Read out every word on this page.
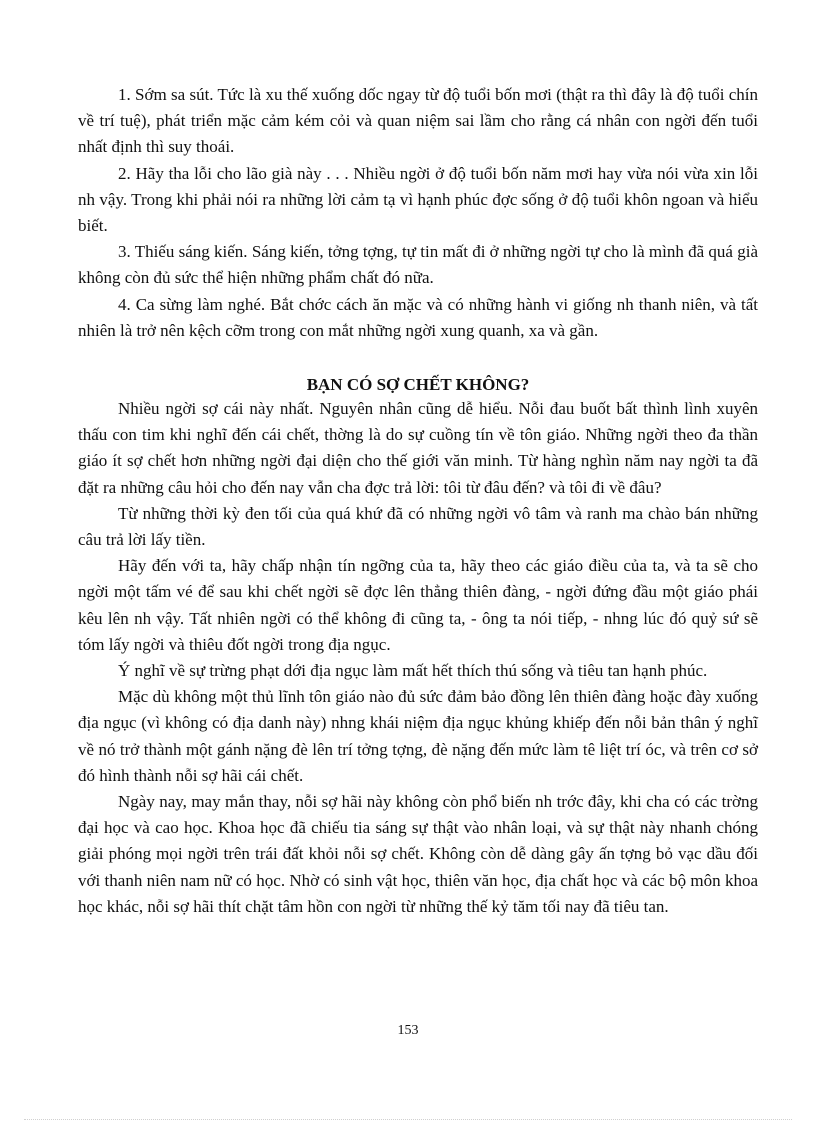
1. Sớm sa sút. Tức là xu thế xuống dốc ngay từ độ tuổi bốn mơi (thật ra thì đây là độ tuổi chín về trí tuệ), phát triển mặc cảm kém cỏi và quan niệm sai lầm cho rằng cá nhân con ngời đến tuổi nhất định thì suy thoái.

2. Hãy tha lỗi cho lão già này . . . Nhiều ngời ở độ tuổi bốn năm mơi hay vừa nói vừa xin lỗi nh vậy. Trong khi phải nói ra những lời cảm tạ vì hạnh phúc đợc sống ở độ tuổi khôn ngoan và hiểu biết.

3. Thiếu sáng kiến. Sáng kiến, tởng tợng, tự tin mất đi ở những ngời tự cho là mình đã quá già không còn đủ sức thể hiện những phẩm chất đó nữa.

4. Ca sừng làm nghé. Bắt chớc cách ăn mặc và có những hành vi giống nh thanh niên, và tất nhiên là trở nên kệch cỡm trong con mắt những ngời xung quanh, xa và gần.

BẠN CÓ SỢ CHẾT KHÔNG?

Nhiều ngời sợ cái này nhất. Nguyên nhân cũng dễ hiểu. Nỗi đau buốt bất thình lình xuyên thấu con tim khi nghĩ đến cái chết, thờng là do sự cuồng tín về tôn giáo. Những ngời theo đa thần giáo ít sợ chết hơn những ngời đại diện cho thế giới văn minh. Từ hàng nghìn năm nay ngời ta đã đặt ra những câu hỏi cho đến nay vẫn cha đợc trả lời: tôi từ đâu đến? và tôi đi về đâu?

Từ những thời kỳ đen tối của quá khứ đã có những ngời vô tâm và ranh ma chào bán những câu trả lời lấy tiền.

Hãy đến với ta, hãy chấp nhận tín ngỡng của ta, hãy theo các giáo điều của ta, và ta sẽ cho ngời một tấm vé để sau khi chết ngời sẽ đợc lên thẳng thiên đàng, - ngời đứng đầu một giáo phái kêu lên nh vậy. Tất nhiên ngời có thể không đi cũng ta, - ông ta nói tiếp, - nhng lúc đó quỷ sứ sẽ tóm lấy ngời và thiêu đốt ngời trong địa ngục.

Ý nghĩ về sự trừng phạt dới địa ngục làm mất hết thích thú sống và tiêu tan hạnh phúc.

Mặc dù không một thủ lĩnh tôn giáo nào đủ sức đảm bảo đồng lên thiên đàng hoặc đày xuống địa ngục (vì không có địa danh này) nhng khái niệm địa ngục khủng khiếp đến nỗi bản thân ý nghĩ về nó trở thành một gánh nặng đè lên trí tởng tợng, đè nặng đến mức làm tê liệt trí óc, và trên cơ sở đó hình thành nỗi sợ hãi cái chết.

Ngày nay, may mắn thay, nỗi sợ hãi này không còn phổ biến nh trớc đây, khi cha có các trờng đại học và cao học. Khoa học đã chiếu tia sáng sự thật vào nhân loại, và sự thật này nhanh chóng giải phóng mọi ngời trên trái đất khỏi nỗi sợ chết. Không còn dễ dàng gây ấn tợng bỏ vạc dầu đối với thanh niên nam nữ có học. Nhờ có sinh vật học, thiên văn học, địa chất học và các bộ môn khoa học khác, nỗi sợ hãi thít chặt tâm hồn con ngời từ những thế kỷ tăm tối nay đã tiêu tan.

153
